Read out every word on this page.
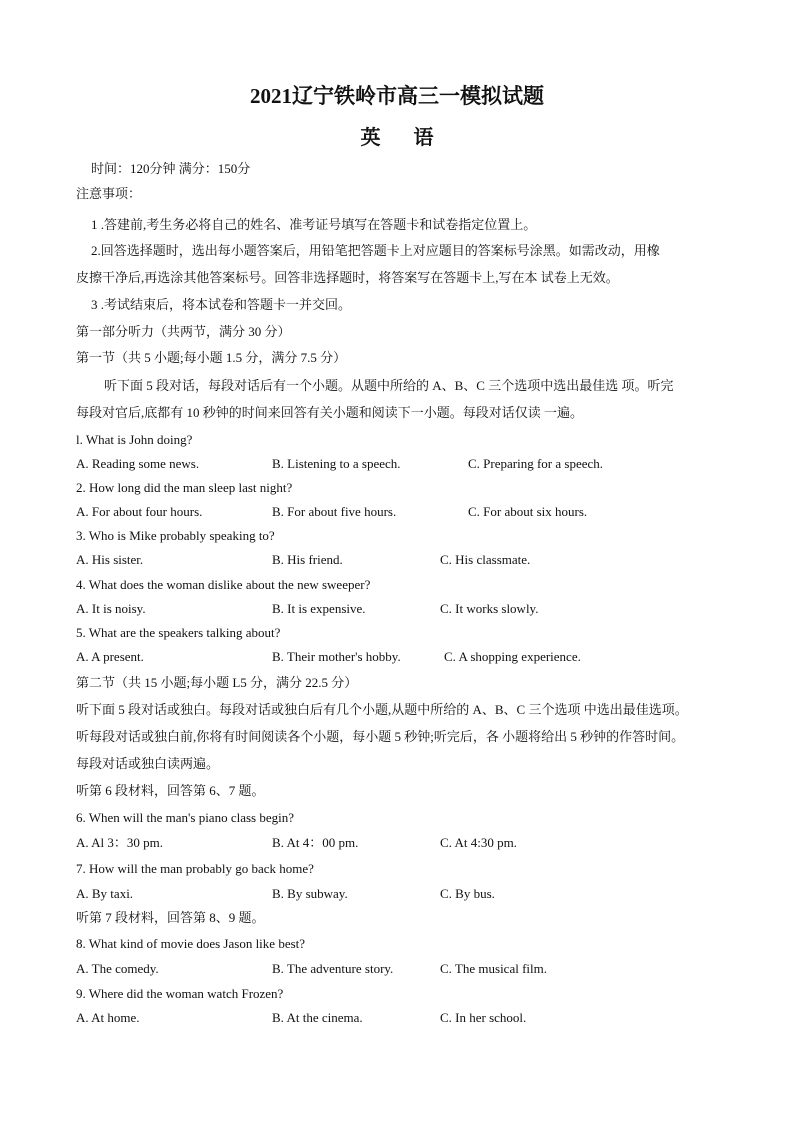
2021辽宁铁岭市高三一模拟试题
英 语
时间：120分钟 满分：150分
注意事项：
1 .答建前,考生务必将自己的姓名、准考证号填写在答题卡和试卷指定位置上。
2.回答选择题时，选出每小题答案后，用铅笔把答题卡上对应题目的答案标号涂黑。如需改动，用橡
皮擦干净后,再选涂其他答案标号。回答非选择题时，将答案写在答题卡上,写在本 试卷上无效。
3 .考试结束后，将本试卷和答题卡一并交回。
第一部分听力（共两节，满分 30 分）
第一节（共 5 小题;每小题 1.5 分，满分 7.5 分）
听下面 5 段对话，每段对话后有一个小题。从题中所给的 A、B、C 三个选项中选出最佳选 项。听完
每段对官后,底都有 10 秒钟的时间来回答有关小题和阅读下一小题。每段对话仅读 一遍。
l. What is John doing?
A. Reading some news.	B. Listening to a speech.	C. Preparing for a speech.
2. How long did the man sleep last night?
A. For about four hours.	B. For about five hours.	C. For about six hours.
3. Who is Mike probably speaking to?
A. His sister.	B. His friend.	C. His classmate.
4. What does the woman dislike about the new sweeper?
A. It is noisy.	B. It is expensive.	C. It works slowly.
5. What are the speakers talking about?
A. A present.	B. Their mother's hobby.	C. A shopping experience.
第二节（共 15 小题;每小题 L5 分，满分 22.5 分）
听下面 5 段对话或独白。每段对话或独白后有几个小题,从题中所给的 A、B、C 三个选项 中选出最佳选项。
听每段对话或独白前,你将有时间阅读各个小题，每小题 5 秒钟;听完后，各 小题将给出 5 秒钟的作答时间。
每段对话或独白读两遍。
听第 6 段材料，回答第 6、7 题。
6. When will the man's piano class begin?
A. Al 3：30 pm.	B. At 4：00 pm.	C. At 4:30 pm.
7. How will the man probably go back home?
A. By taxi.	B. By subway.	C. By bus.
听第 7 段材料，回答第 8、9 题。
8. What kind of movie does Jason like best?
A. The comedy.	B. The adventure story.	C. The musical film.
9. Where did the woman watch Frozen?
A. At home.	B. At the cinema.	C. In her school.
